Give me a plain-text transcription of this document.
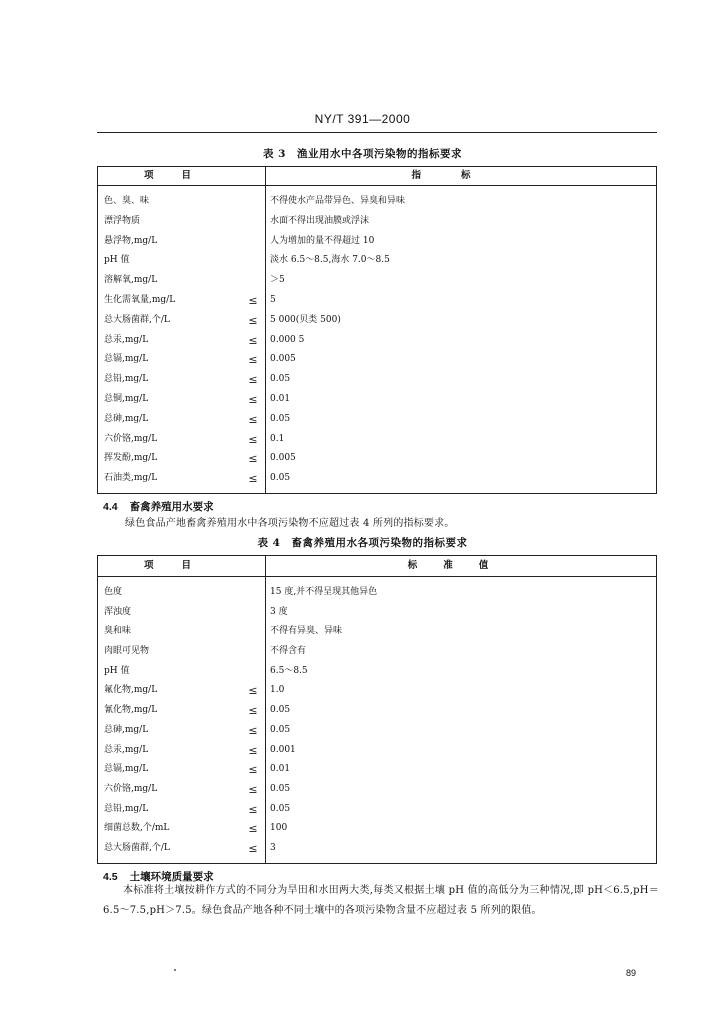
NY/T 391—2000
表 3　渔业用水中各项污染物的指标要求
项目	指标
色、臭、味	不得使水产品带异色、异臭和异味
漂浮物质	水面不得出现油膜或浮沫
悬浮物,mg/L	人为增加的量不得超过 10
pH 值	淡水 6.5～8.5,海水 7.0～8.5
溶解氧,mg/L	＞5
生化需氧量,mg/L	≤	5
总大肠菌群,个/L	≤	5 000(贝类 500)
总汞,mg/L	≤	0.000 5
总镉,mg/L	≤	0.005
总铅,mg/L	≤	0.05
总铜,mg/L	≤	0.01
总砷,mg/L	≤	0.05
六价铬,mg/L	≤	0.1
挥发酚,mg/L	≤	0.005
石油类,mg/L	≤	0.05
4.4 畜禽养殖用水要求
绿色食品产地畜禽养殖用水中各项污染物不应超过表 4 所列的指标要求。
表 4　畜禽养殖用水各项污染物的指标要求
项目	标准值
色度	15 度,并不得呈现其他异色
浑浊度	3 度
臭和味	不得有异臭、异味
肉眼可见物	不得含有
pH 值	6.5～8.5
氟化物,mg/L	≤	1.0
氰化物,mg/L	≤	0.05
总砷,mg/L	≤	0.05
总汞,mg/L	≤	0.001
总镉,mg/L	≤	0.01
六价铬,mg/L	≤	0.05
总铅,mg/L	≤	0.05
细菌总数,个/mL	≤	100
总大肠菌群,个/L	≤	3
4.5 土壤环境质量要求
本标准将土壤按耕作方式的不同分为旱田和水田两大类,每类又根据土壤 pH 值的高低分为三种情况,即 pH＜6.5,pH＝6.5～7.5,pH＞7.5。绿色食品产地各种不同土壤中的各项污染物含量不应超过表 5 所列的限值。
89
